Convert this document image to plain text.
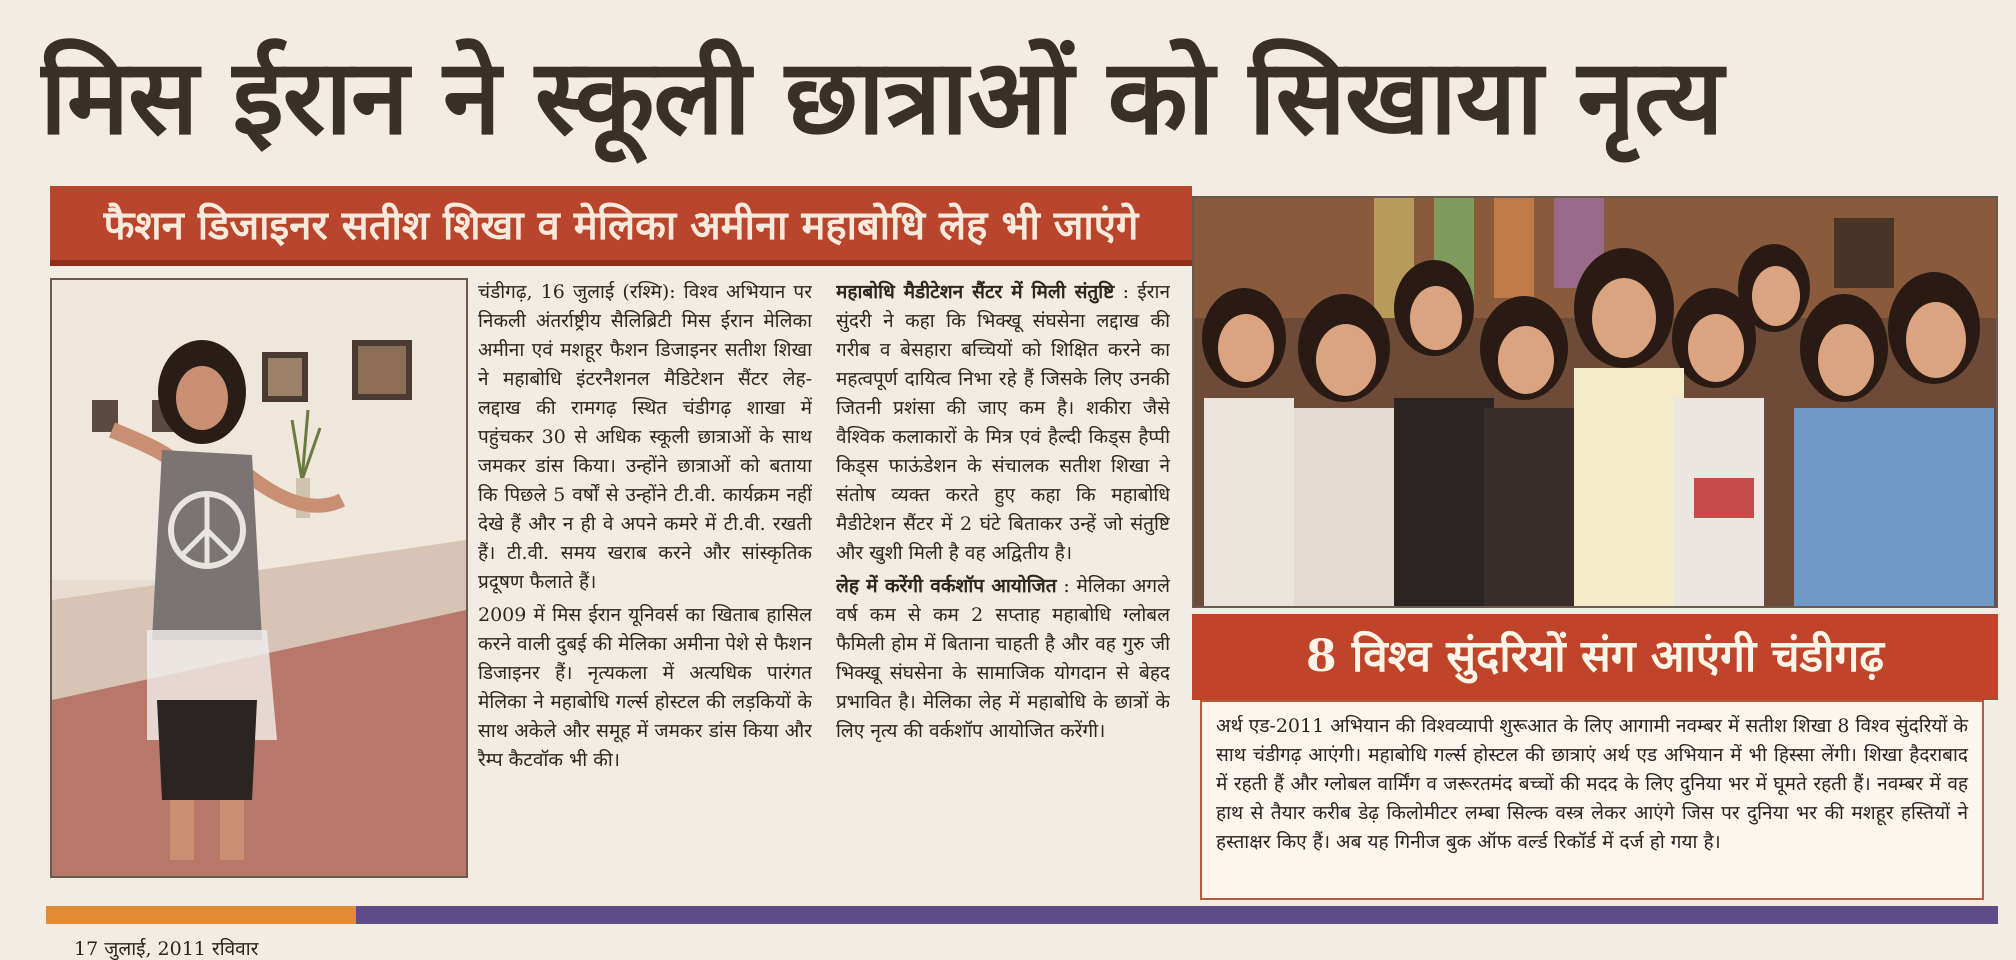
मिस ईरान ने स्कूली छात्राओं को सिखाया नृत्य
फैशन डिजाइनर सतीश शिखा व मेलिका अमीना महाबोधि लेह भी जाएंगे

चंडीगढ़, 16 जुलाई (रश्मि): विश्व अभियान पर निकली अंतर्राष्ट्रीय सैलिब्रिटी मिस ईरान मेलिका अमीना एवं मशहूर फैशन डिजाइनर सतीश शिखा ने महाबोधि इंटरनैशनल मैडिटेशन सैंटर लेह-लद्दाख की रामगढ़ स्थित चंडीगढ़ शाखा में पहुंचकर 30 से अधिक स्कूली छात्राओं के साथ जमकर डांस किया। उन्होंने छात्राओं को बताया कि पिछले 5 वर्षों से उन्होंने टी.वी. कार्यक्रम नहीं देखे हैं और न ही वे अपने कमरे में टी.वी. रखती हैं। टी.वी. समय खराब करने और सांस्कृतिक प्रदूषण फैलाते हैं।

2009 में मिस ईरान यूनिवर्स का खिताब हासिल करने वाली दुबई की मेलिका अमीना पेशे से फैशन डिजाइनर हैं। नृत्यकला में अत्यधिक पारंगत मेलिका ने महाबोधि गर्ल्स होस्टल की लड़कियों के साथ अकेले और समूह में जमकर डांस किया और रैम्प कैटवॉक भी की।

महाबोधि मैडीटेशन सैंटर में मिली संतुष्टि : ईरान सुंदरी ने कहा कि भिक्खू संघसेना लद्दाख की गरीब व बेसहारा बच्चियों को शिक्षित करने का महत्वपूर्ण दायित्व निभा रहे हैं जिसके लिए उनकी जितनी प्रशंसा की जाए कम है। शकीरा जैसे वैश्विक कलाकारों के मित्र एवं हैल्दी किड्स हैप्पी किड्स फाऊंडेशन के संचालक सतीश शिखा ने संतोष व्यक्त करते हुए कहा कि महाबोधि मैडीटेशन सैंटर में 2 घंटे बिताकर उन्हें जो संतुष्टि और खुशी मिली है वह अद्वितीय है।

लेह में करेंगी वर्कशॉप आयोजित : मेलिका अगले वर्ष कम से कम 2 सप्ताह महाबोधि ग्लोबल फैमिली होम में बिताना चाहती है और वह गुरु जी भिक्खू संघसेना के सामाजिक योगदान से बेहद प्रभावित है। मेलिका लेह में महाबोधि के छात्रों के लिए नृत्य की वर्कशॉप आयोजित करेंगी।

8 विश्व सुंदरियों संग आएंगी चंडीगढ़
अर्थ एड-2011 अभियान की विश्वव्यापी शुरूआत के लिए आगामी नवम्बर में सतीश शिखा 8 विश्व सुंदरियों के साथ चंडीगढ़ आएंगी। महाबोधि गर्ल्स होस्टल की छात्राएं अर्थ एड अभियान में भी हिस्सा लेंगी। शिखा हैदराबाद में रहती हैं और ग्लोबल वार्मिंग व जरूरतमंद बच्चों की मदद के लिए दुनिया भर में घूमते रहती हैं। नवम्बर में वह हाथ से तैयार करीब डेढ़ किलोमीटर लम्बा सिल्क वस्त्र लेकर आएंगे जिस पर दुनिया भर की मशहूर हस्तियों ने हस्ताक्षर किए हैं। अब यह गिनीज बुक ऑफ वर्ल्ड रिकॉर्ड में दर्ज हो गया है।
17 जुलाई, 2011 रविवार
